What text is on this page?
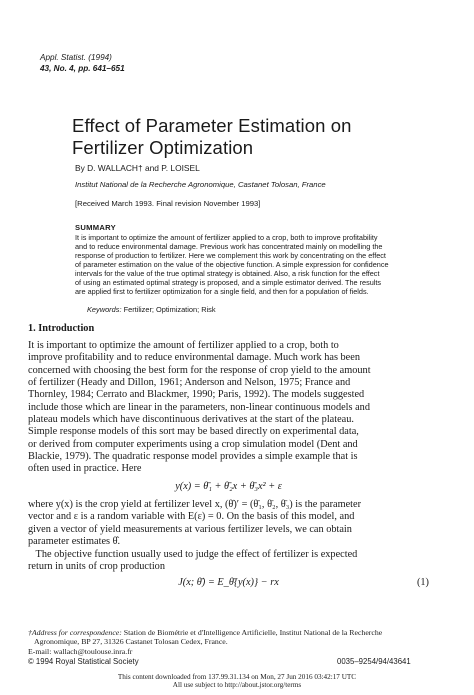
Appl. Statist. (1994)
43, No. 4, pp. 641–651
Effect of Parameter Estimation on
Fertilizer Optimization
By D. WALLACH† and P. LOISEL
Institut National de la Recherche Agronomique, Castanet Tolosan, France
[Received March 1993. Final revision November 1993]
SUMMARY
It is important to optimize the amount of fertilizer applied to a crop, both to improve profitability
and to reduce environmental damage. Previous work has concentrated mainly on modelling the
response of production to fertilizer. Here we complement this work by concentrating on the effect
of parameter estimation on the value of the objective function. A simple expression for confidence
intervals for the value of the true optimal strategy is obtained. Also, a risk function for the effect
of using an estimated optimal strategy is proposed, and a simple estimator derived. The results
are applied first to fertilizer optimization for a single field, and then for a population of fields.
Keywords: Fertilizer; Optimization; Risk
1. Introduction
It is important to optimize the amount of fertilizer applied to a crop, both to
improve profitability and to reduce environmental damage. Much work has been
concerned with choosing the best form for the response of crop yield to the amount
of fertilizer (Heady and Dillon, 1961; Anderson and Nelson, 1975; France and
Thornley, 1984; Cerrato and Blackmer, 1990; Paris, 1992). The models suggested
include those which are linear in the parameters, non-linear continuous models and
plateau models which have discontinuous derivatives at the start of the plateau.
Simple response models of this sort may be based directly on experimental data,
or derived from computer experiments using a crop simulation model (Dent and
Blackie, 1979). The quadratic response model provides a simple example that is
often used in practice. Here
y(x) = θ̄₁ + θ̄₂x + θ̄₃x² + ε
where y(x) is the crop yield at fertilizer level x, (θ̄)′ = (θ̄₁, θ̄₂, θ̄₃) is the parameter
vector and ε is a random variable with E(ε) = 0. On the basis of this model, and
given a vector of yield measurements at various fertilizer levels, we can obtain
parameter estimates θ̂.
The objective function usually used to judge the effect of fertilizer is expected
return in units of crop production
J(x; θ̄) = E_θ̄{y(x)} − rx	(1)
†Address for correspondence: Station de Biométrie et d'Intelligence Artificielle, Institut National de la Recherche
Agronomique, BP 27, 31326 Castanet Tolosan Cedex, France.
E-mail: wallach@toulouse.inra.fr
© 1994 Royal Statistical Society	0035–9254/94/43641
This content downloaded from 137.99.31.134 on Mon, 27 Jun 2016 03:42:17 UTC
All use subject to http://about.jstor.org/terms
